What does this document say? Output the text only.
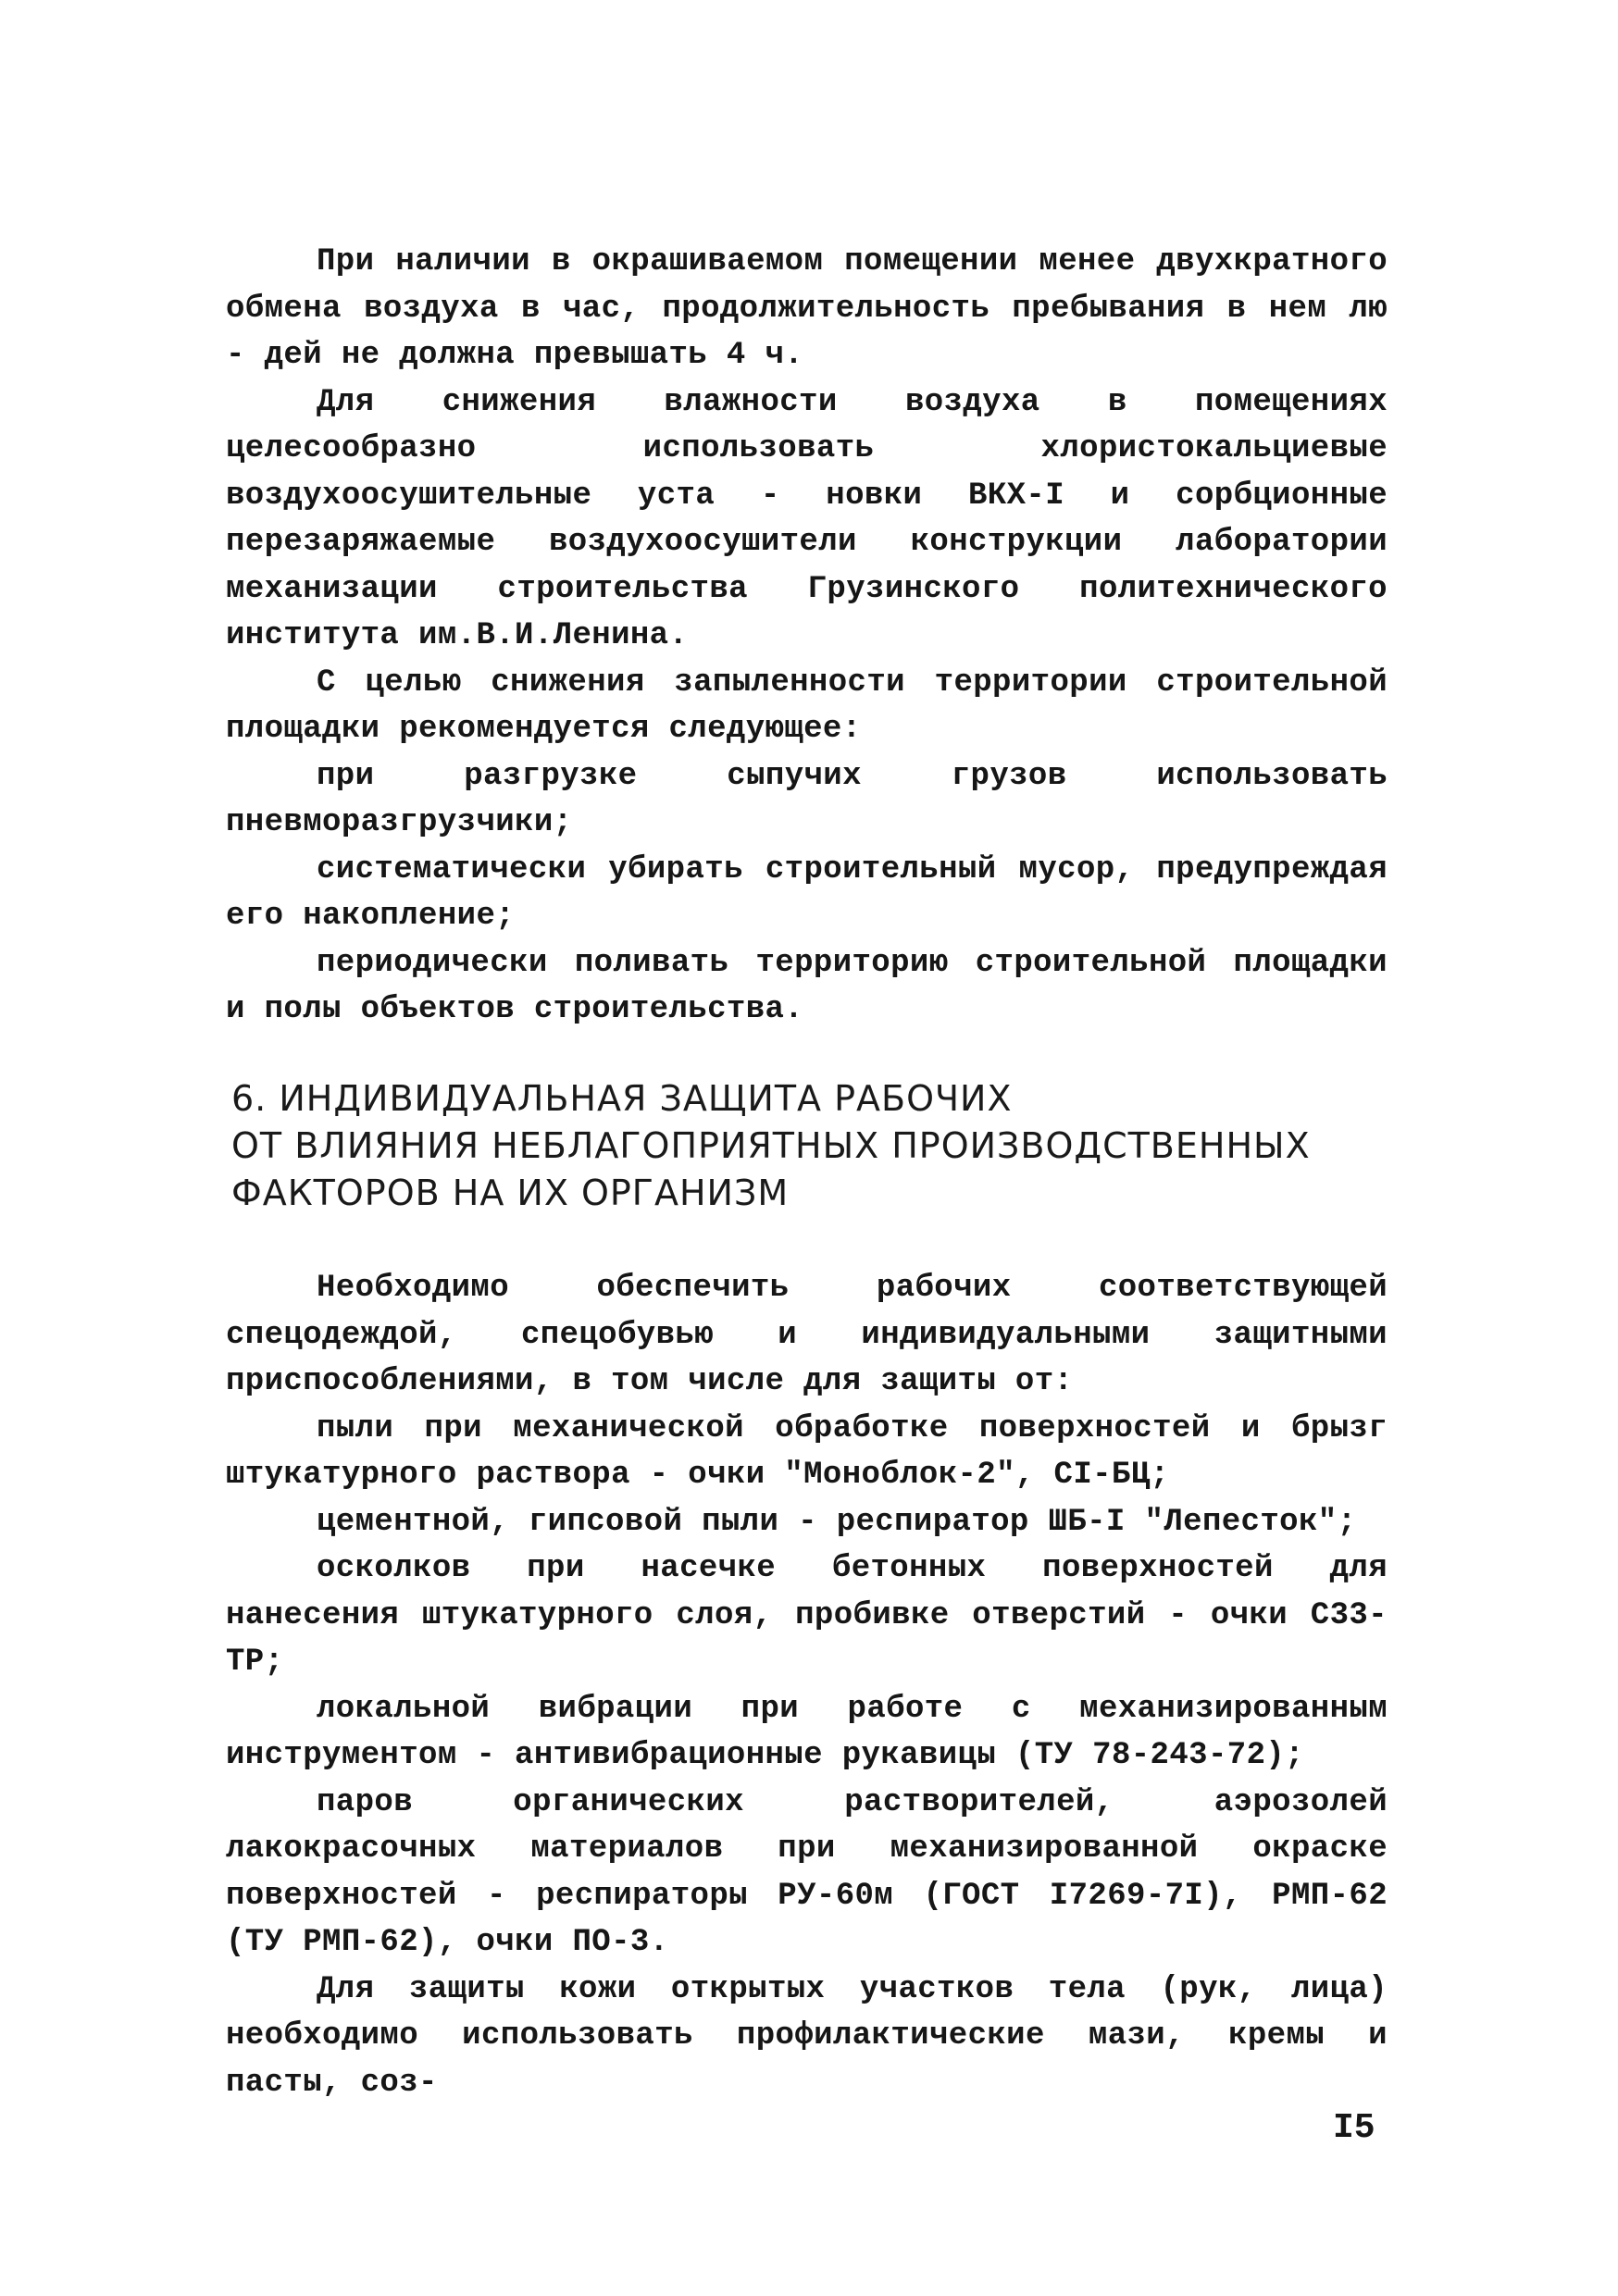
При наличии в окрашиваемом помещении менее двухкратного обмена воздуха в час, продолжительность пребывания в нем лю - дей не должна превышать 4 ч.

Для снижения влажности воздуха в помещениях целесообразно использовать хлористокальциевые воздухоосушительные уста - новки ВКХ-I и сорбционные перезаряжаемые воздухоосушители конструкции лаборатории механизации строительства Грузинского политехнического института им.В.И.Ленина.

С целью снижения запыленности территории строительной площадки рекомендуется следующее:

при разгрузке сыпучих грузов использовать пневморазгрузчики;

систематически убирать строительный мусор, предупреждая его накопление;

периодически поливать территорию строительной площадки и полы объектов строительства.

6. ИНДИВИДУАЛЬНАЯ ЗАЩИТА РАБОЧИХ
ОТ ВЛИЯНИЯ НЕБЛАГОПРИЯТНЫХ ПРОИЗВОДСТВЕННЫХ
ФАКТОРОВ НА ИХ ОРГАНИЗМ

Необходимо обеспечить рабочих соответствующей спецодеждой, спецобувью и индивидуальными защитными приспособлениями, в том числе для защиты от:

пыли при механической обработке поверхностей и брызг штукатурного раствора - очки "Моноблок-2", СI-БЦ;

цементной, гипсовой пыли - респиратор ШБ-I "Лепесток";

осколков при насечке бетонных поверхностей для нанесения штукатурного слоя, пробивке отверстий - очки С33-ТР;

локальной вибрации при работе с механизированным инструментом - антивибрационные рукавицы (ТУ 78-243-72);

паров органических растворителей, аэрозолей лакокрасочных материалов при механизированной окраске поверхностей - респираторы РУ-60м (ГОСТ I7269-7I), РМП-62 (ТУ РМП-62), очки ПО-3.

Для защиты кожи открытых участков тела (рук, лица) необходимо использовать профилактические мази, кремы и пасты, соз-

I5
